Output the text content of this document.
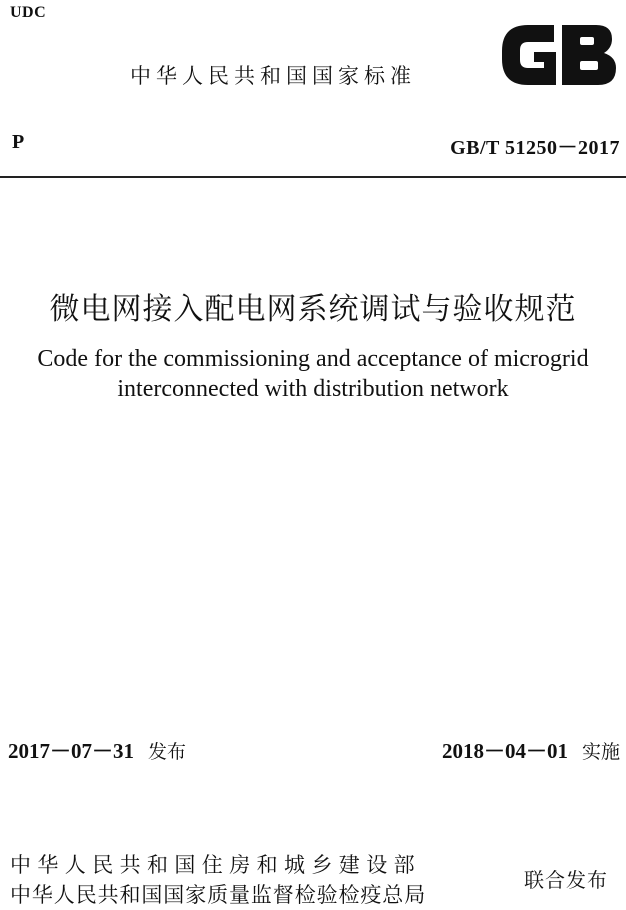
UDC
中华人民共和国国家标准
GB
P	GB/T 51250－2017
微电网接入配电网系统调试与验收规范
Code for the commissioning and acceptance of microgrid
interconnected with distribution network
2017－07－31 发布	2018－04－01 实施
中华人民共和国住房和城乡建设部
中华人民共和国国家质量监督检验检疫总局
联合发布
